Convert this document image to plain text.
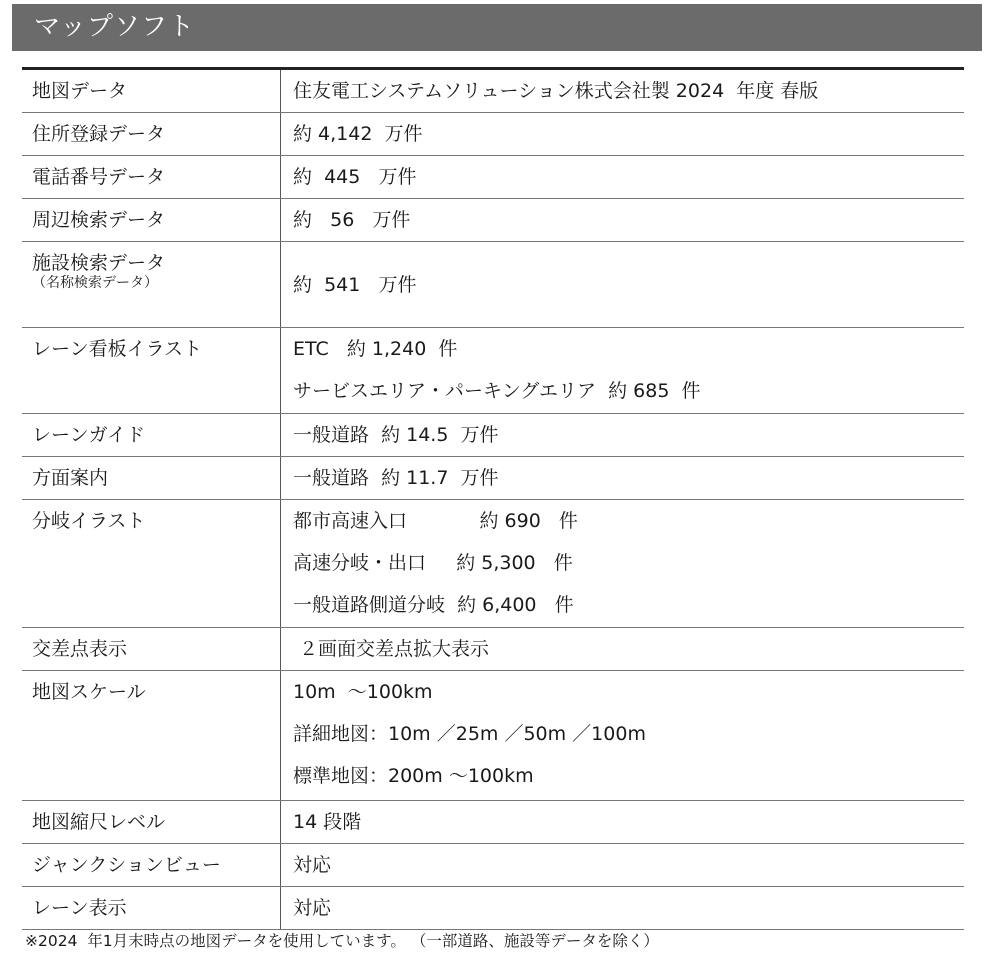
マップソフト
地図データ	住友電工システムソリューション株式会社製 2024  年度 春版

住所登録データ	約 4,142  万件

電話番号データ	約  445   万件

周辺検索データ	約   56   万件

施設検索データ
（名称検索データ）	約  541   万件

レーン看板イラスト	ETC   約 1,240  件
サービスエリア・パーキングエリア  約 685  件

レーンガイド	一般道路  約 14.5  万件

方面案内	一般道路  約 11.7  万件

分岐イラスト	都市高速入口            約 690   件
高速分岐・出口     約 5,300   件
一般道路側道分岐  約 6,400   件

交差点表示	２画面交差点拡大表示

地図スケール	10m  ～100km
詳細地図：10m ／25m ／50m ／100m
標準地図：200m ～100km

地図縮尺レベル	14 段階

ジャンクションビュー	対応

レーン表示	対応
※2024  年1月末時点の地図データを使用しています。 （一部道路、施設等データを除く）
